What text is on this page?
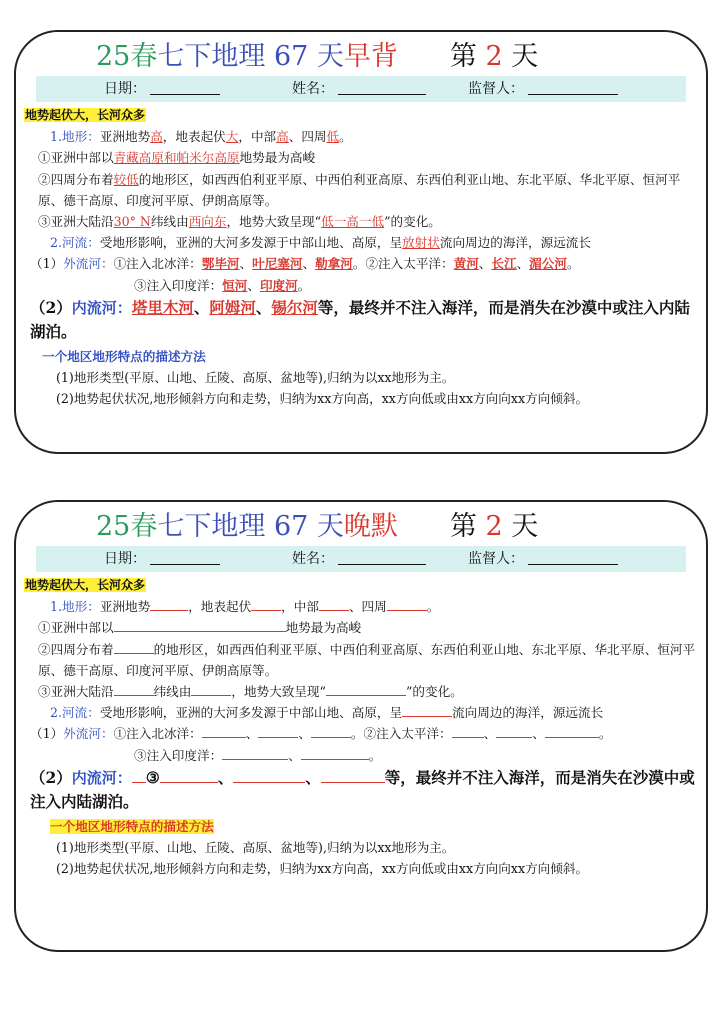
25春七下地理 67 天早背 第 2 天
日期：	姓名：	监督人：
地势起伏大，长河众多
1.地形：亚洲地势高，地表起伏大，中部高、四周低。
①亚洲中部以青藏高原和帕米尔高原地势最为高峻
②四周分布着较低的地形区，如西西伯利亚平原、中西伯利亚高原、东西伯利亚山地、东北平原、华北平原、恒河平原、德干高原、印度河平原、伊朗高原等。
③亚洲大陆沿30° N纬线由西向东，地势大致呈现“低一高一低”的变化。
2.河流：受地形影响，亚洲的大河多发源于中部山地、高原，呈放射状流向周边的海洋，源远流长
（1）外流河：①注入北冰洋：鄂毕河、叶尼塞河、勒拿河。②注入太平洋：黄河、长江、湄公河。
③注入印度洋：恒河、印度河。
（2）内流河：塔里木河、阿姆河、锡尔河等，最终并不注入海洋，而是消失在沙漠中或注入内陆湖泊。
一个地区地形特点的描述方法
(1)地形类型(平原、山地、丘陵、高原、盆地等),归纳为以xx地形为主。
(2)地势起伏状况,地形倾斜方向和走势，归纳为xx方向高，xx方向低或由xx方向向xx方向倾斜。
25春七下地理 67 天晚默 第 2 天
日期：	姓名：	监督人：
地势起伏大，长河众多
1.地形：亚洲地势	，地表起伏 ，中部 、四周	。
①亚洲中部以	地势最为高峻
②四周分布着	的地形区，如西西伯利亚平原、中西伯利亚高原、东西伯利亚山地、东北平原、华北平原、恒河平原、德干高原、印度河平原、伊朗高原等。
③亚洲大陆沿	纬线由	，地势大致呈现“	”的变化。
2.河流：受地形影响，亚洲的大河多发源于中部山地、高原，呈	流向周边的海洋，源远流长
（1）外流河：①注入北冰洋：	、	、	。②注入太平洋：	、	、	。
③注入印度洋：	、	。
（2）内流河： ③	、	、	等，最终并不注入海洋，而是消失在沙漠中或注入内陆湖泊。
一个地区地形特点的描述方法
(1)地形类型(平原、山地、丘陵、高原、盆地等),归纳为以xx地形为主。
(2)地势起伏状况,地形倾斜方向和走势，归纳为xx方向高，xx方向低或由xx方向向xx方向倾斜。
